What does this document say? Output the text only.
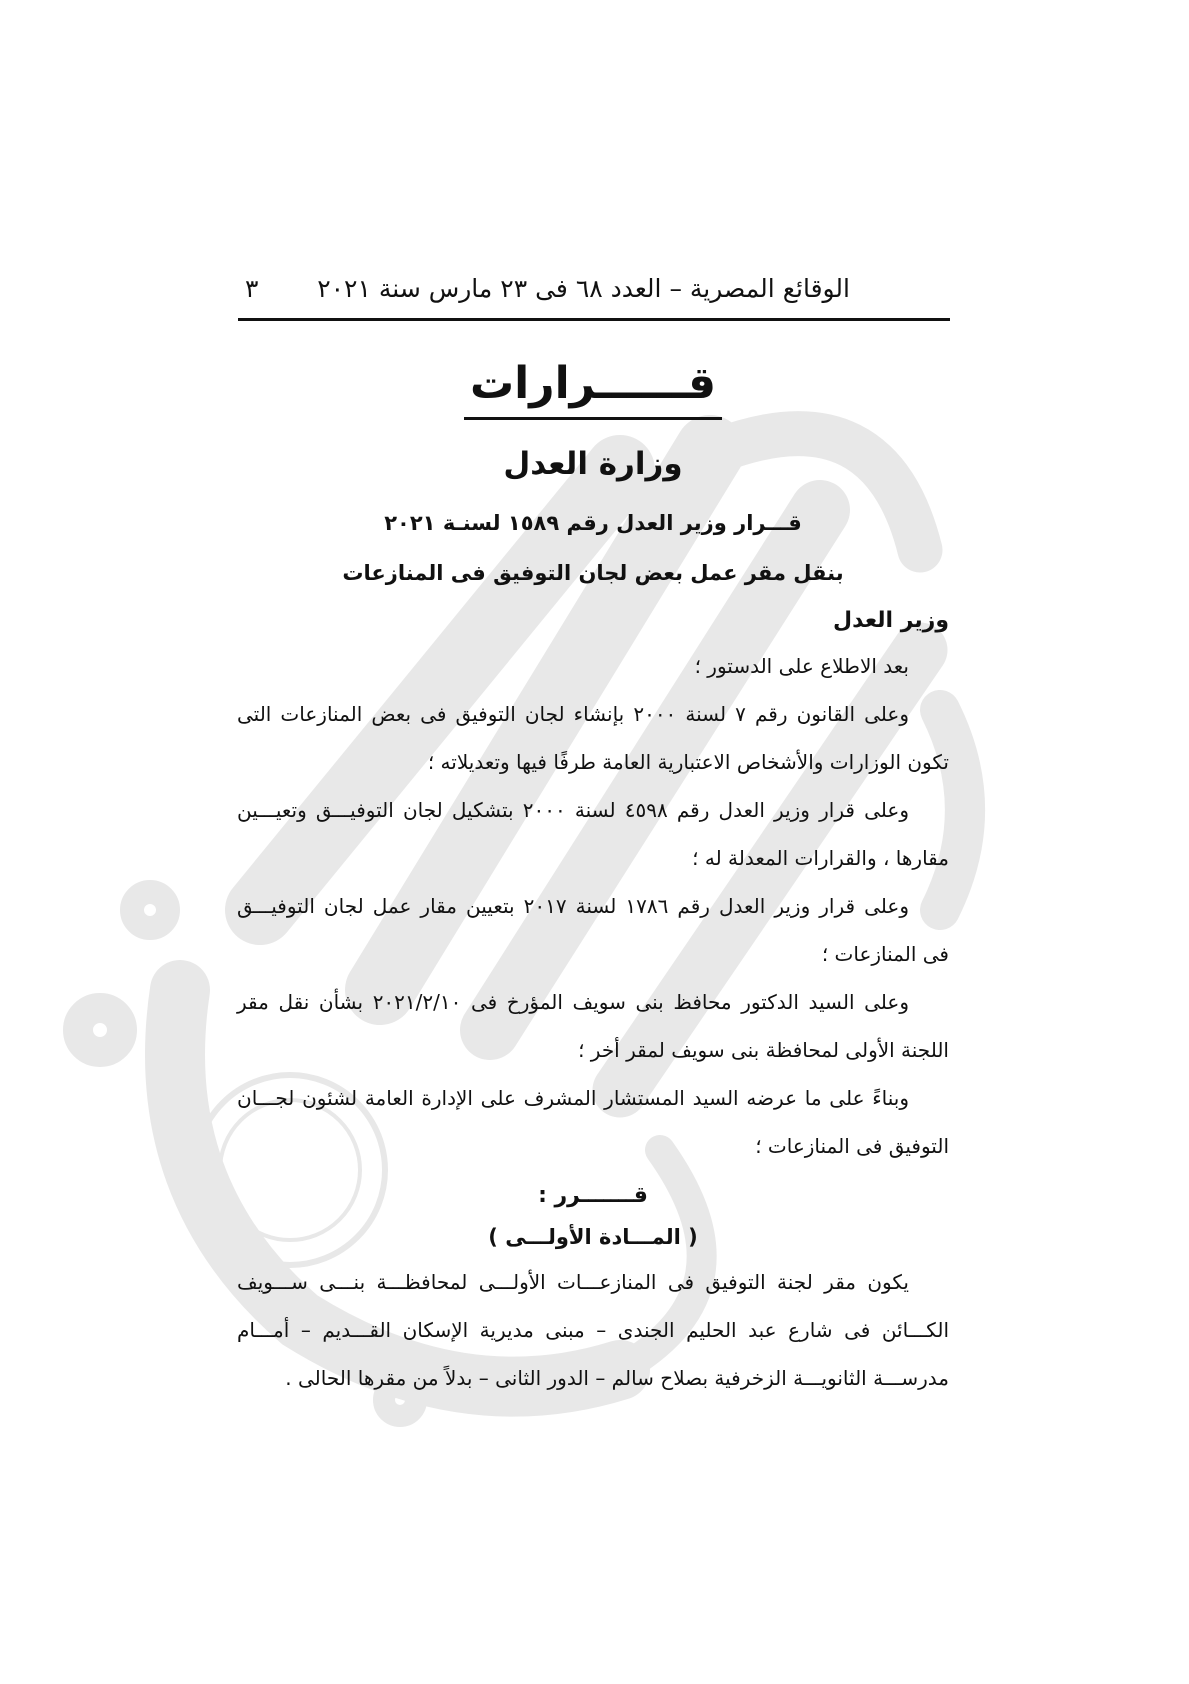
الوقائع المصرية – العدد ٦٨ فى ٢٣ مارس سنة ٢٠٢١
٣
قــــــرارات
وزارة العدل
قـــرار وزير العدل رقم ١٥٨٩ لسنـة ٢٠٢١
بنقل مقر عمل بعض لجان التوفيق فى المنازعات
وزير العدل

بعد الاطلاع على الدستور ؛

وعلى القانون رقم ٧ لسنة ٢٠٠٠ بإنشاء لجان التوفيق فى بعض المنازعات التى تكون الوزارات والأشخاص الاعتبارية العامة طرفًا فيها وتعديلاته ؛

وعلى قرار وزير العدل رقم ٤٥٩٨ لسنة ٢٠٠٠ بتشكيل لجان التوفيـــق وتعيـــين مقارها ، والقرارات المعدلة له ؛

وعلى قرار وزير العدل رقم ١٧٨٦ لسنة ٢٠١٧ بتعيين مقار عمل لجان التوفيـــق فى المنازعات ؛

وعلى السيد الدكتور محافظ بنى سويف المؤرخ فى ٢٠٢١/٢/١٠ بشأن نقل مقر اللجنة الأولى لمحافظة بنى سويف لمقر أخر ؛

وبناءً على ما عرضه السيد المستشار المشرف على الإدارة العامة لشئون لجـــان التوفيق فى المنازعات ؛

قـــــــرر :
( المـــادة الأولـــى )

يكون مقر لجنة التوفيق فى المنازعـــات الأولـــى لمحافظـــة بنـــى ســـويف الكـــائن فى شارع عبد الحليم الجندى – مبنى مديرية الإسكان القـــديم – أمـــام مدرســـة الثانويـــة الزخرفية بصلاح سالم – الدور الثانى – بدلاً من مقرها الحالى .
